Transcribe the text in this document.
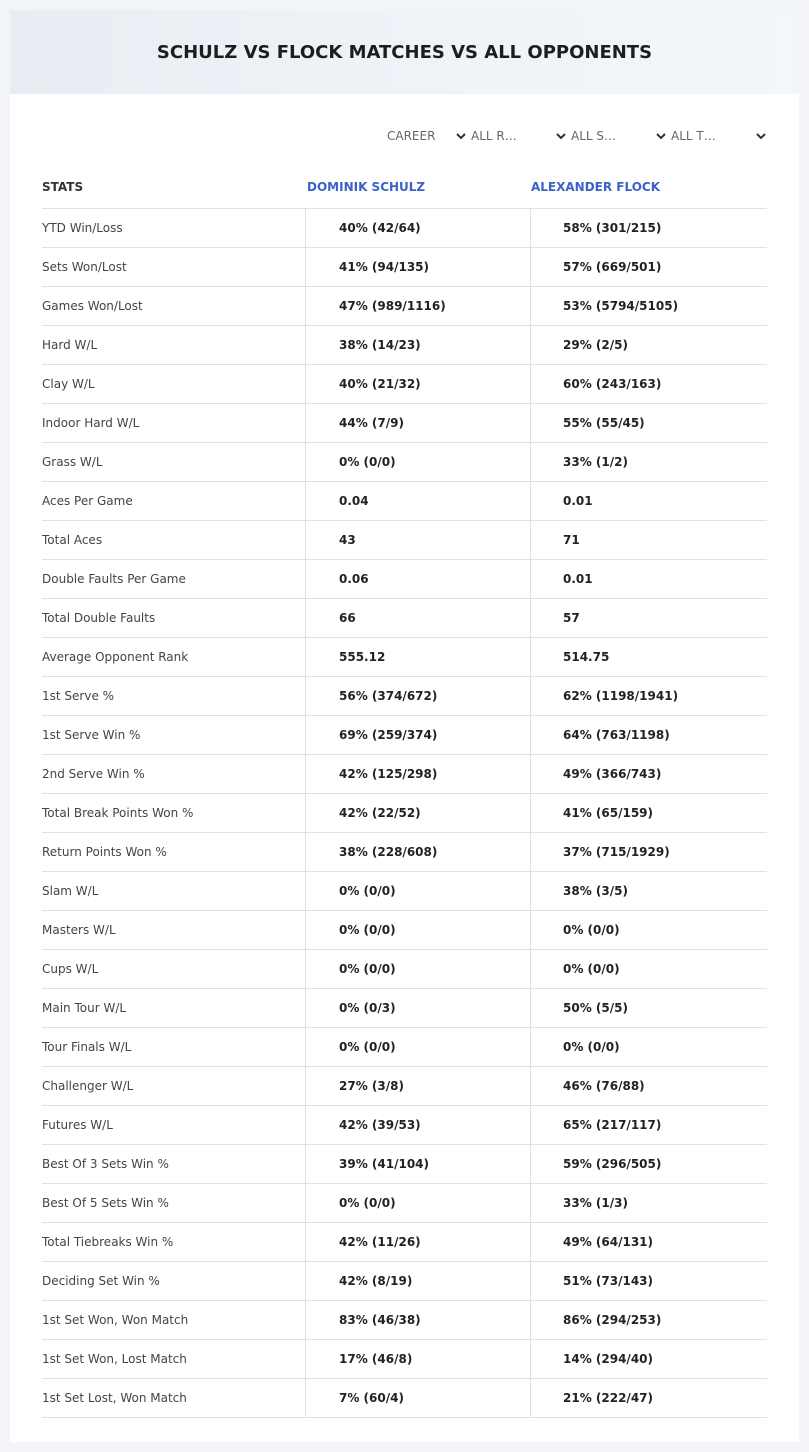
SCHULZ VS FLOCK MATCHES VS ALL OPPONENTS
CAREER	ALL R…	ALL S…	ALL T…
STATS	DOMINIK SCHULZ	ALEXANDER FLOCK
YTD Win/Loss	40% (42/64)	58% (301/215)
Sets Won/Lost	41% (94/135)	57% (669/501)
Games Won/Lost	47% (989/1116)	53% (5794/5105)
Hard W/L	38% (14/23)	29% (2/5)
Clay W/L	40% (21/32)	60% (243/163)
Indoor Hard W/L	44% (7/9)	55% (55/45)
Grass W/L	0% (0/0)	33% (1/2)
Aces Per Game	0.04	0.01
Total Aces	43	71
Double Faults Per Game	0.06	0.01
Total Double Faults	66	57
Average Opponent Rank	555.12	514.75
1st Serve %	56% (374/672)	62% (1198/1941)
1st Serve Win %	69% (259/374)	64% (763/1198)
2nd Serve Win %	42% (125/298)	49% (366/743)
Total Break Points Won %	42% (22/52)	41% (65/159)
Return Points Won %	38% (228/608)	37% (715/1929)
Slam W/L	0% (0/0)	38% (3/5)
Masters W/L	0% (0/0)	0% (0/0)
Cups W/L	0% (0/0)	0% (0/0)
Main Tour W/L	0% (0/3)	50% (5/5)
Tour Finals W/L	0% (0/0)	0% (0/0)
Challenger W/L	27% (3/8)	46% (76/88)
Futures W/L	42% (39/53)	65% (217/117)
Best Of 3 Sets Win %	39% (41/104)	59% (296/505)
Best Of 5 Sets Win %	0% (0/0)	33% (1/3)
Total Tiebreaks Win %	42% (11/26)	49% (64/131)
Deciding Set Win %	42% (8/19)	51% (73/143)
1st Set Won, Won Match	83% (46/38)	86% (294/253)
1st Set Won, Lost Match	17% (46/8)	14% (294/40)
1st Set Lost, Won Match	7% (60/4)	21% (222/47)
